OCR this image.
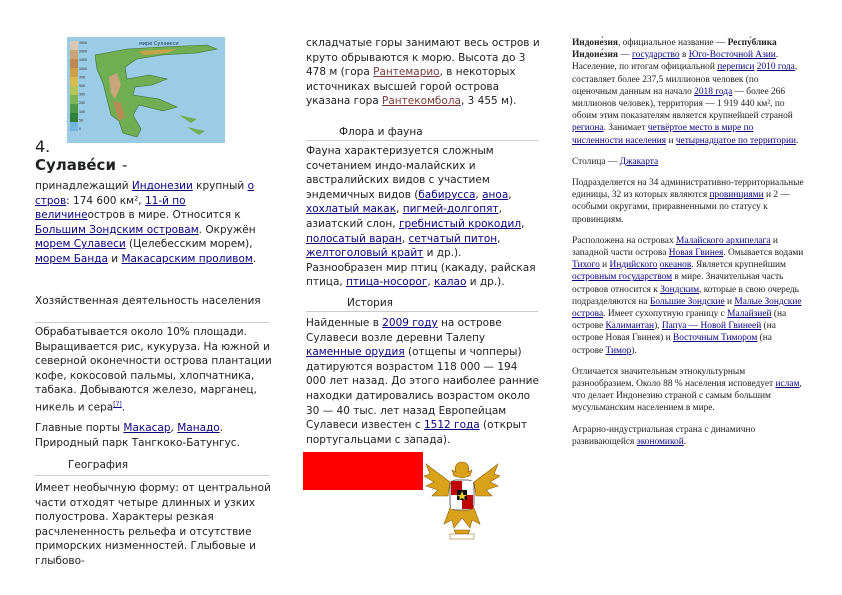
3000
2000
1500
1000
700
500
300
200
100
50
0
мире Сулавеси
4.
Сулаве́си -
принадлежащий Индонезии крупный о стров: 174 600 км², 11-й по величинеостров в мире. Относится к Большим Зондским островам. Окружён морем Сулавеси (Целебесским морем), морем Банда и Макасарским проливом.
Хозяйственная деятельность населения
Обрабатывается около 10% площади. Выращивается рис, кукуруза. На южной и северной оконечности острова плантации кофе, кокосовой пальмы, хлопчатника, табака. Добываются железо, марганец, никель и сера[7].
Главные порты Макасар, Манадо. Природный парк Тангкоко-Батунгус.
География
Имеет необычную форму: от центральной части отходят четыре длинных и узких полуострова. Характеры резкая расчлененность рельефа и отсутствие приморских низменностей. Глыбовые и глыбово-
складчатые горы занимают весь остров и круто обрываются к морю. Высота до 3 478 м (гора Рантемарио, в некоторых источниках высшей горой острова указана гора Рантекомбола, 3 455 м).
Флора и фауна
Фауна характеризуется сложным сочетанием индо-малайских и австралийских видов с участием эндемичных видов (бабирусса, аноа, хохлатый макак, пигмей-долгопят, азиатский слон, гребнистый крокодил, полосатый варан, сетчатый питон, желтоголовый крайт и др.). Разнообразен мир птиц (какаду, райская птица, птица-носорог, калао и др.).
История
Найденные в 2009 году на острове Сулавеси возле деревни Талепу каменные орудия (отщепы и чопперы) датируются возрастом 118 000 — 194 000 лет назад. До этого наиболее ранние находки датировались возрастом около 30 — 40 тыс. лет назад Европейцам Сулавеси известен с 1512 года (открыт португальцами с запада).

Индоне́зия, официальное название — Респу́блика Индоне́зия — государство в Юго-Восточной Азии. Население, по итогам официальной переписи 2010 года, составляет более 237,5 миллионов человек (по оценочным данным на начало 2018 года — более 266 миллионов человек), территория — 1 919 440 км², по обоим этим показателям является крупнейшей страной региона. Занимает четвёртое место в мире по численности населения и четырнадцатое по территории.

Столица — Джакарта

Подразделяется на 34 административно-территориальные единицы, 32 из которых являются провинциями и 2 — особыми округами, приравненными по статусу к провинциям.

Расположена на островах Малайского архипелага и западной части острова Новая Гвинея. Омывается водами Тихого и Индийского океанов. Является крупнейшим островным государством в мире. Значительная часть островов относится к Зондским, которые в свою очередь подразделяются на Большие Зондские и Малые Зондские острова. Имеет сухопутную границу с Малайзией (на острове Калимантан), Папуа — Новой Гвинеей (на острове Новая Гвинея) и Восточным Тимором (на острове Тимор).

Отличается значительным этнокультурным разнообразием. Около 88 % населения исповедует ислам, что делает Индонезию страной с самым большим мусульманским населением в мире.

Аграрно-индустриальная страна с динамично развивающейся экономикой.
